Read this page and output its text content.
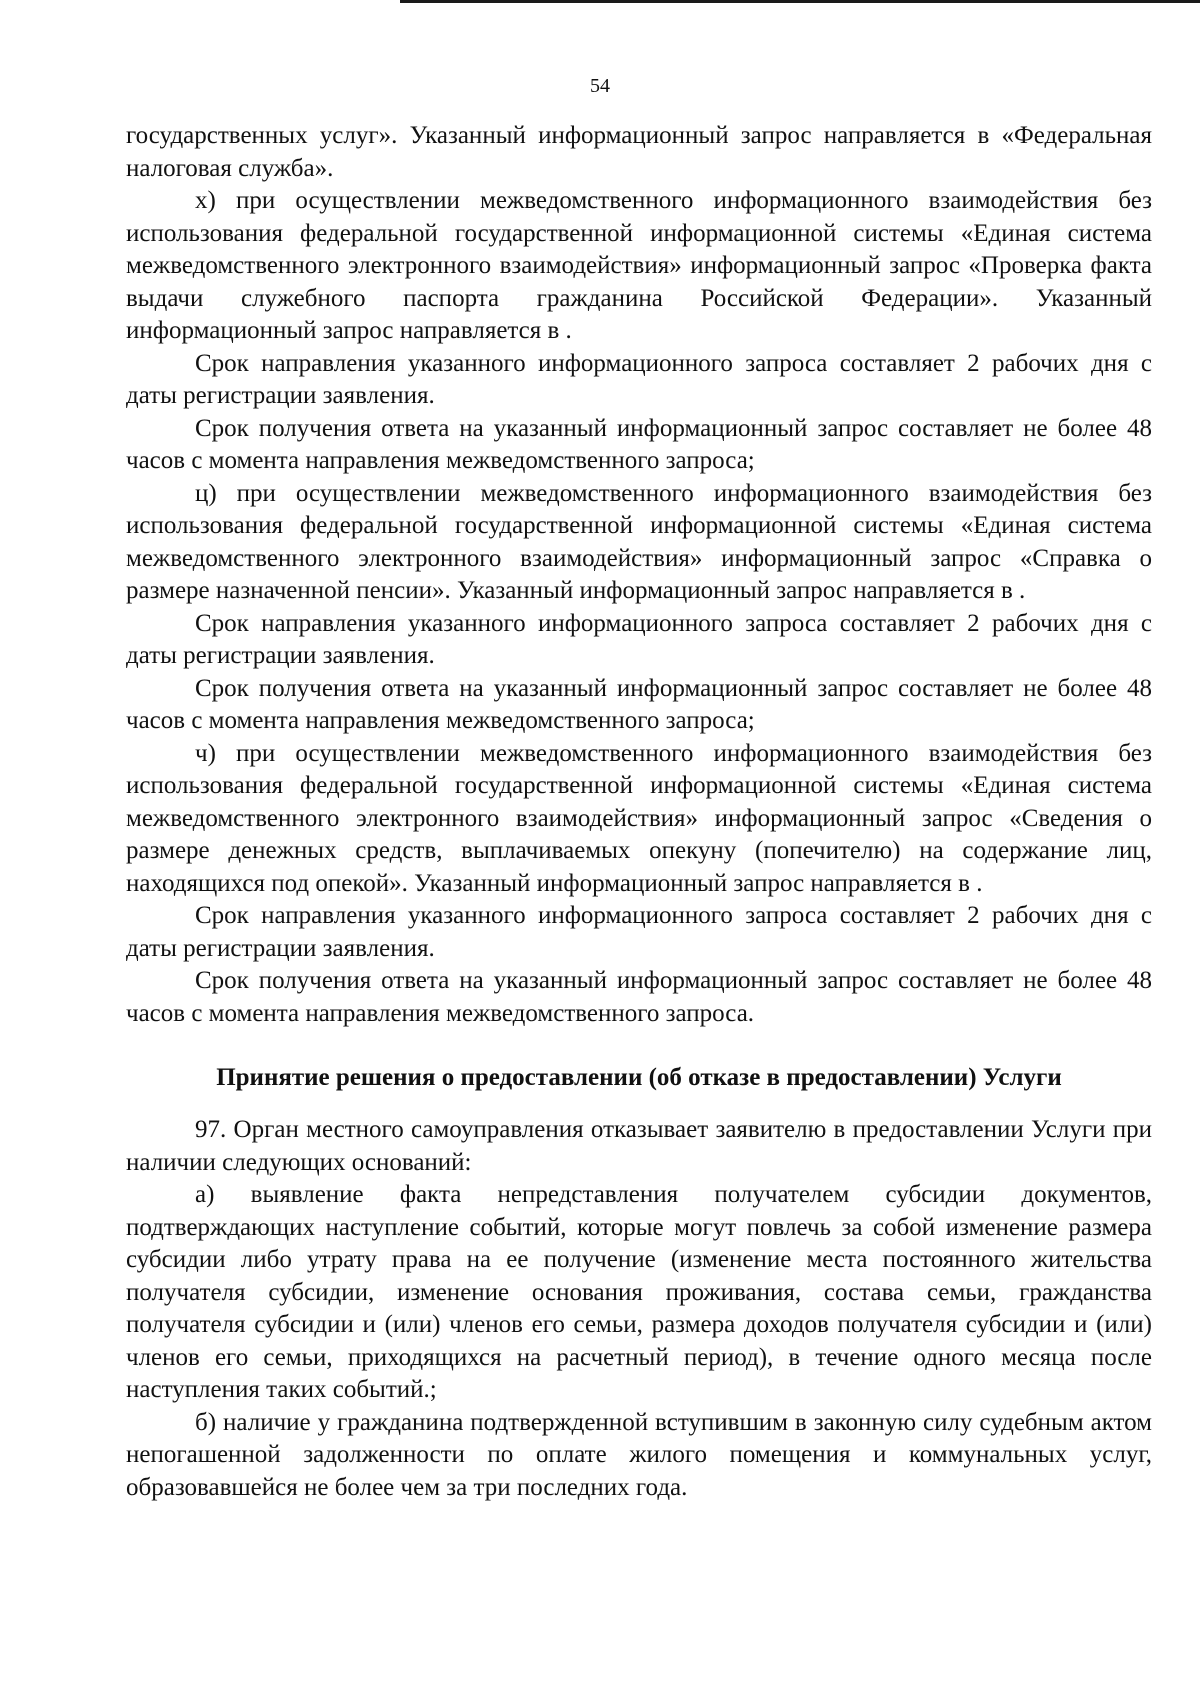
54

государственных услуг». Указанный информационный запрос направляется в «Федеральная налоговая служба».

х) при осуществлении межведомственного информационного взаимодействия без использования федеральной государственной информационной системы «Единая система межведомственного электронного взаимодействия» информационный запрос «Проверка факта выдачи служебного паспорта гражданина Российской Федерации». Указанный информационный запрос направляется в .

Срок направления указанного информационного запроса составляет 2 рабочих дня с даты регистрации заявления.

Срок получения ответа на указанный информационный запрос составляет не более 48 часов с момента направления межведомственного запроса;

ц) при осуществлении межведомственного информационного взаимодействия без использования федеральной государственной информационной системы «Единая система межведомственного электронного взаимодействия» информационный запрос «Справка о размере назначенной пенсии». Указанный информационный запрос направляется в .

Срок направления указанного информационного запроса составляет 2 рабочих дня с даты регистрации заявления.

Срок получения ответа на указанный информационный запрос составляет не более 48 часов с момента направления межведомственного запроса;

ч) при осуществлении межведомственного информационного взаимодействия без использования федеральной государственной информационной системы «Единая система межведомственного электронного взаимодействия» информационный запрос «Сведения о размере денежных средств, выплачиваемых опекуну (попечителю) на содержание лиц, находящихся под опекой». Указанный информационный запрос направляется в .

Срок направления указанного информационного запроса составляет 2 рабочих дня с даты регистрации заявления.

Срок получения ответа на указанный информационный запрос составляет не более 48 часов с момента направления межведомственного запроса.

Принятие решения о предоставлении (об отказе в предоставлении) Услуги

97. Орган местного самоуправления отказывает заявителю в предоставлении Услуги при наличии следующих оснований:

а) выявление факта непредставления получателем субсидии документов, подтверждающих наступление событий, которые могут повлечь за собой изменение размера субсидии либо утрату права на ее получение (изменение места постоянного жительства получателя субсидии, изменение основания проживания, состава семьи, гражданства получателя субсидии и (или) членов его семьи, размера доходов получателя субсидии и (или) членов его семьи, приходящихся на расчетный период), в течение одного месяца после наступления таких событий.;

б) наличие у гражданина подтвержденной вступившим в законную силу судебным актом непогашенной задолженности по оплате жилого помещения и коммунальных услуг, образовавшейся не более чем за три последних года.
